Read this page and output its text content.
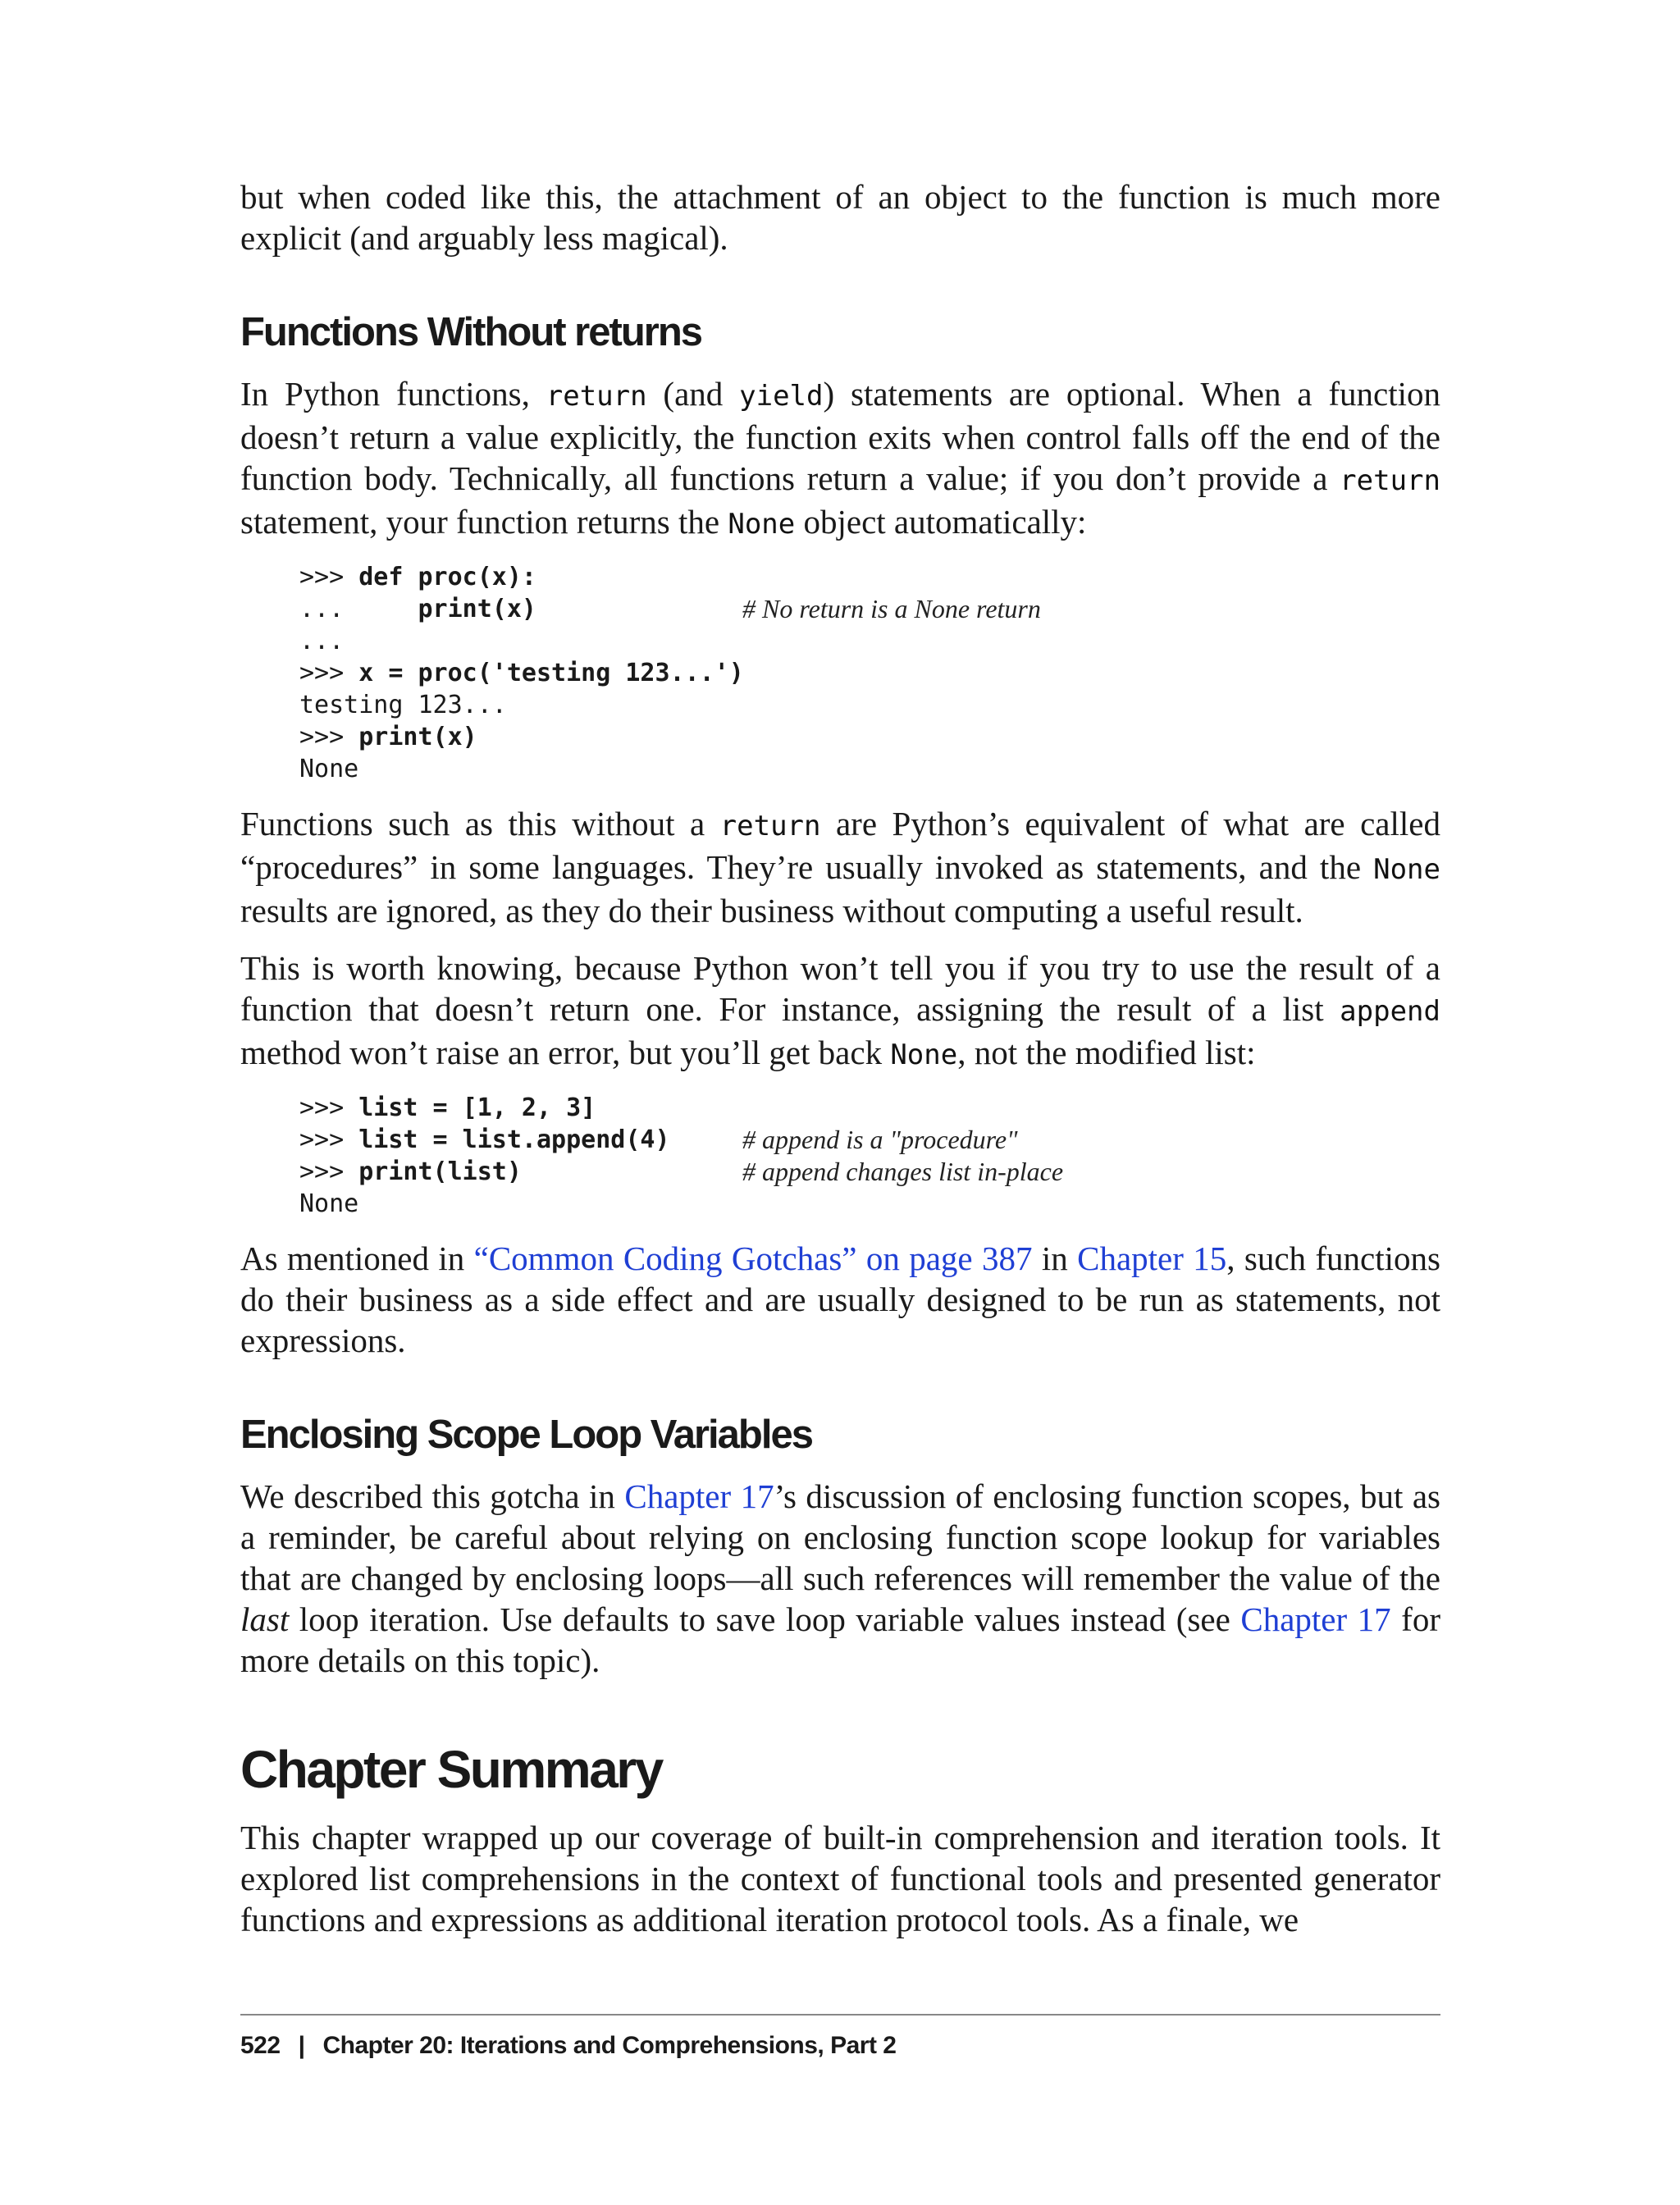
but when coded like this, the attachment of an object to the function is much more explicit (and arguably less magical).

Functions Without returns

In Python functions, return (and yield) statements are optional. When a function doesn’t return a value explicitly, the function exits when control falls off the end of the function body. Technically, all functions return a value; if you don’t provide a return statement, your function returns the None object automatically:

>>> def proc(x):
...     print(x)	# No return is a None return
...
>>> x = proc('testing 123...')
testing 123...
>>> print(x)
None

Functions such as this without a return are Python’s equivalent of what are called “procedures” in some languages. They’re usually invoked as statements, and the None results are ignored, as they do their business without computing a useful result.

This is worth knowing, because Python won’t tell you if you try to use the result of a function that doesn’t return one. For instance, assigning the result of a list append method won’t raise an error, but you’ll get back None, not the modified list:

>>> list = [1, 2, 3]
>>> list = list.append(4)	# append is a "procedure"
>>> print(list)	# append changes list in-place
None

As mentioned in “Common Coding Gotchas” on page 387 in Chapter 15, such functions do their business as a side effect and are usually designed to be run as statements, not expressions.

Enclosing Scope Loop Variables

We described this gotcha in Chapter 17’s discussion of enclosing function scopes, but as a reminder, be careful about relying on enclosing function scope lookup for variables that are changed by enclosing loops—all such references will remember the value of the last loop iteration. Use defaults to save loop variable values instead (see Chapter 17 for more details on this topic).

Chapter Summary

This chapter wrapped up our coverage of built-in comprehension and iteration tools. It explored list comprehensions in the context of functional tools and presented generator functions and expressions as additional iteration protocol tools. As a finale, we

522 | Chapter 20: Iterations and Comprehensions, Part 2
